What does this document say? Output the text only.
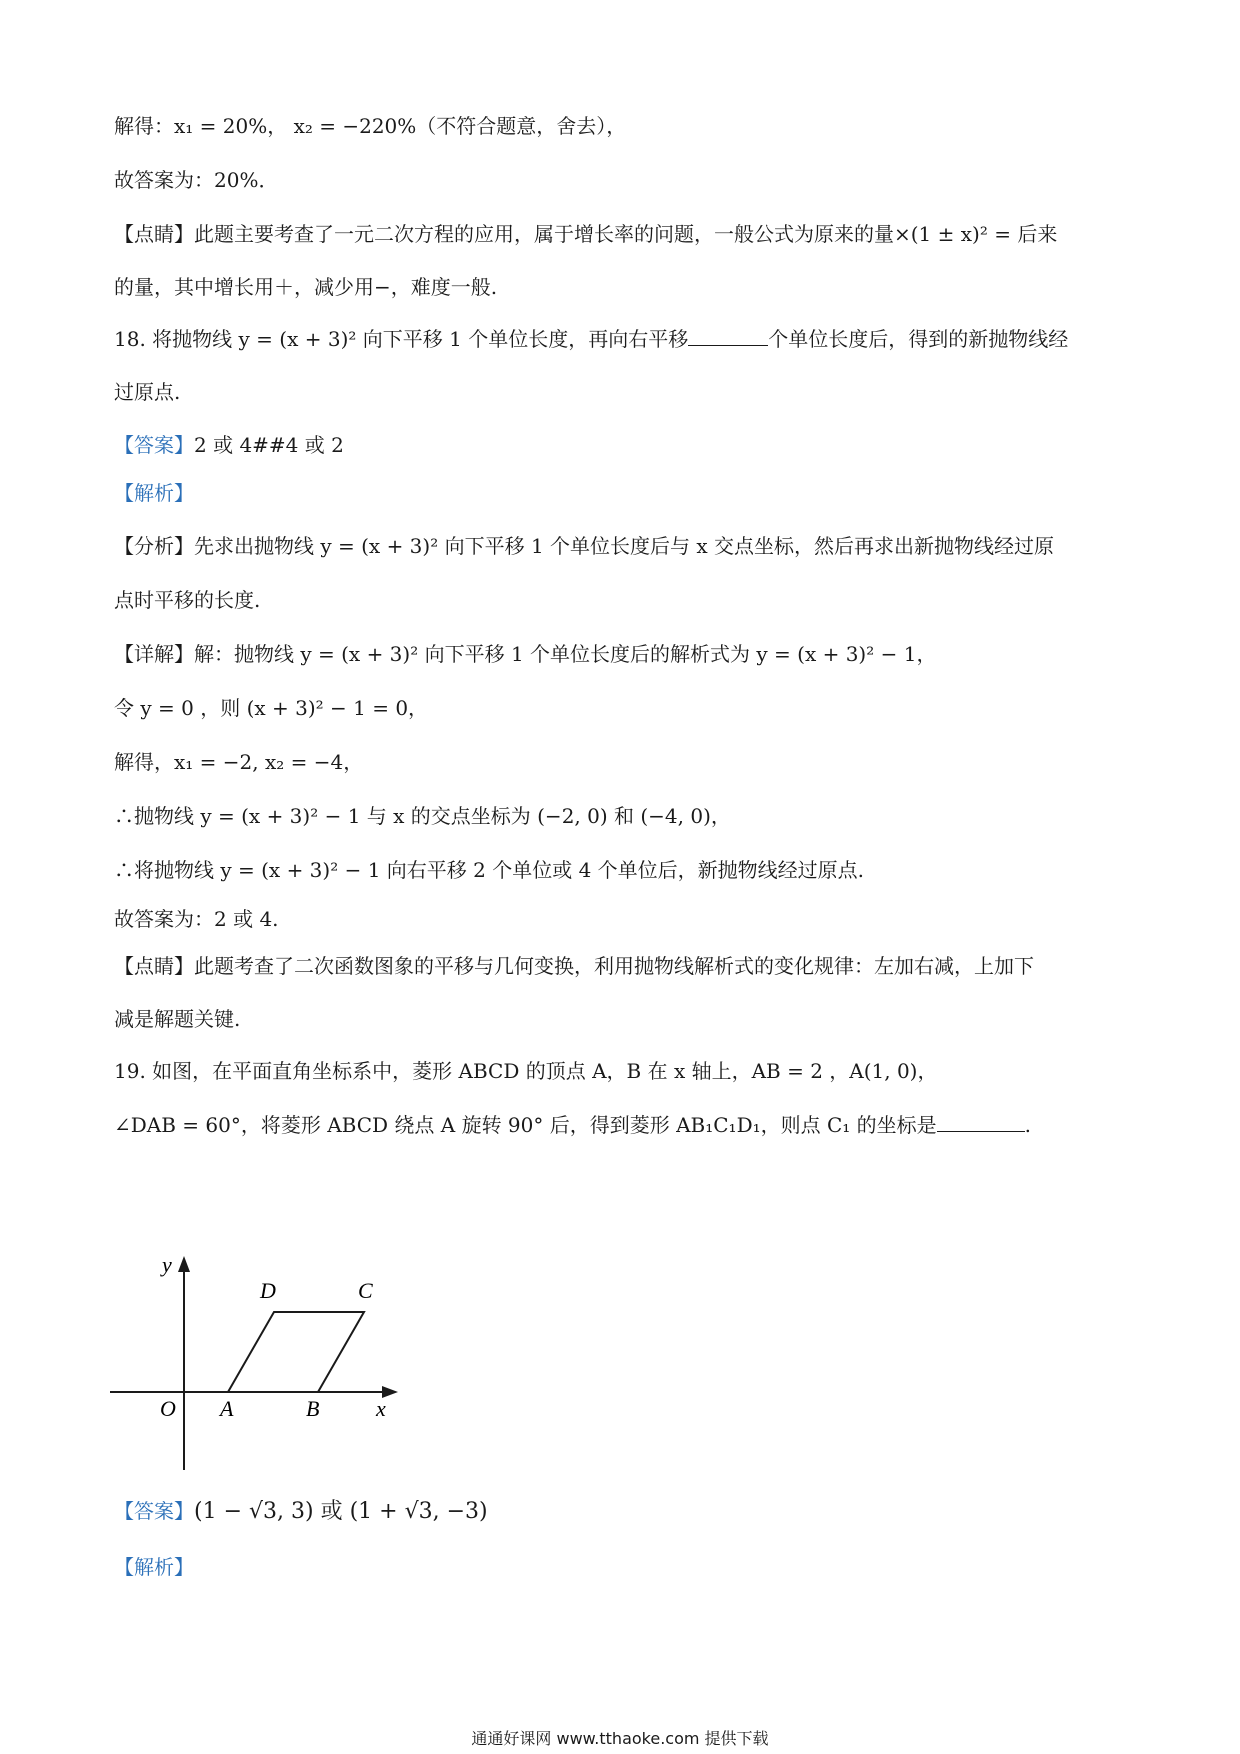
解得：x₁ = 20%， x₂ = −220%（不符合题意，舍去），
故答案为：20%．
【点睛】此题主要考查了一元二次方程的应用，属于增长率的问题，一般公式为原来的量×(1 ± x)² = 后来
的量，其中增长用＋，减少用−，难度一般.
18. 将抛物线 y = (x + 3)² 向下平移 1 个单位长度，再向右平移	个单位长度后，得到的新抛物线经
过原点.
【答案】2 或 4##4 或 2
【解析】
【分析】先求出抛物线 y = (x + 3)² 向下平移 1 个单位长度后与 x 交点坐标，然后再求出新抛物线经过原
点时平移的长度.
【详解】解：抛物线 y = (x + 3)² 向下平移 1 个单位长度后的解析式为 y = (x + 3)² − 1，
令 y = 0 ，则 (x + 3)² − 1 = 0，
解得，x₁ = −2, x₂ = −4，
∴抛物线 y = (x + 3)² − 1 与 x 的交点坐标为 (−2, 0) 和 (−4, 0)，
∴将抛物线 y = (x + 3)² − 1 向右平移 2 个单位或 4 个单位后，新抛物线经过原点.
故答案为：2 或 4.
【点睛】此题考查了二次函数图象的平移与几何变换，利用抛物线解析式的变化规律：左加右减，上加下
减是解题关键.
19. 如图，在平面直角坐标系中，菱形 ABCD 的顶点 A，B 在 x 轴上，AB = 2 ，A(1, 0)，
∠DAB = 60°，将菱形 ABCD 绕点 A 旋转 90° 后，得到菱形 AB₁C₁D₁，则点 C₁ 的坐标是	.
D	C
O A	B	x
y
【答案】(1 − √3, 3) 或 (1 + √3, −3)
【解析】
通通好课网 www.tthaoke.com 提供下载
